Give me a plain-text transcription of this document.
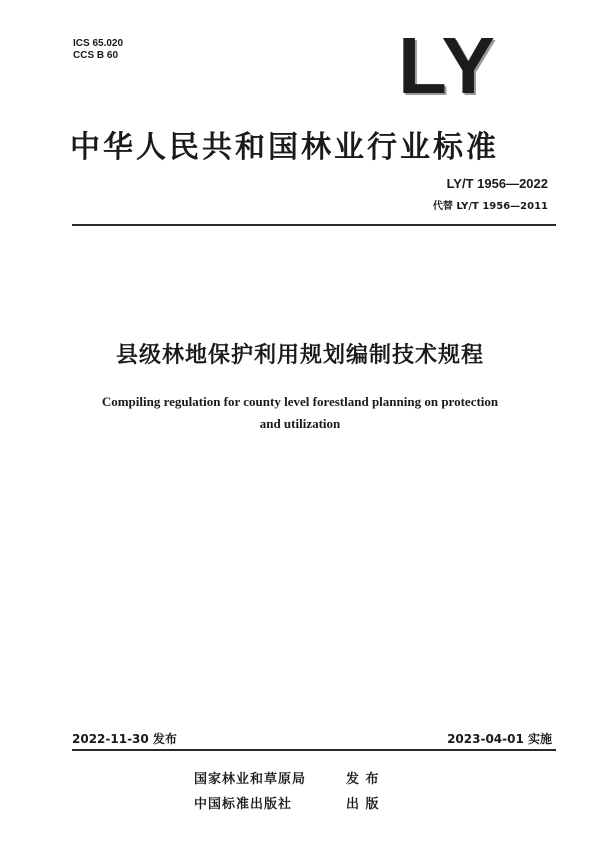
ICS 65.020
CCS B 60	LY
中华人民共和国林业行业标准
LY/T 1956—2022
代替 LY/T 1956—2011
县级林地保护利用规划编制技术规程
Compiling regulation for county level forestland planning on protection
and utilization
2022-11-30 发布	2023-04-01 实施
国家林业和草原局	发 布
中国标准出版社	出 版
